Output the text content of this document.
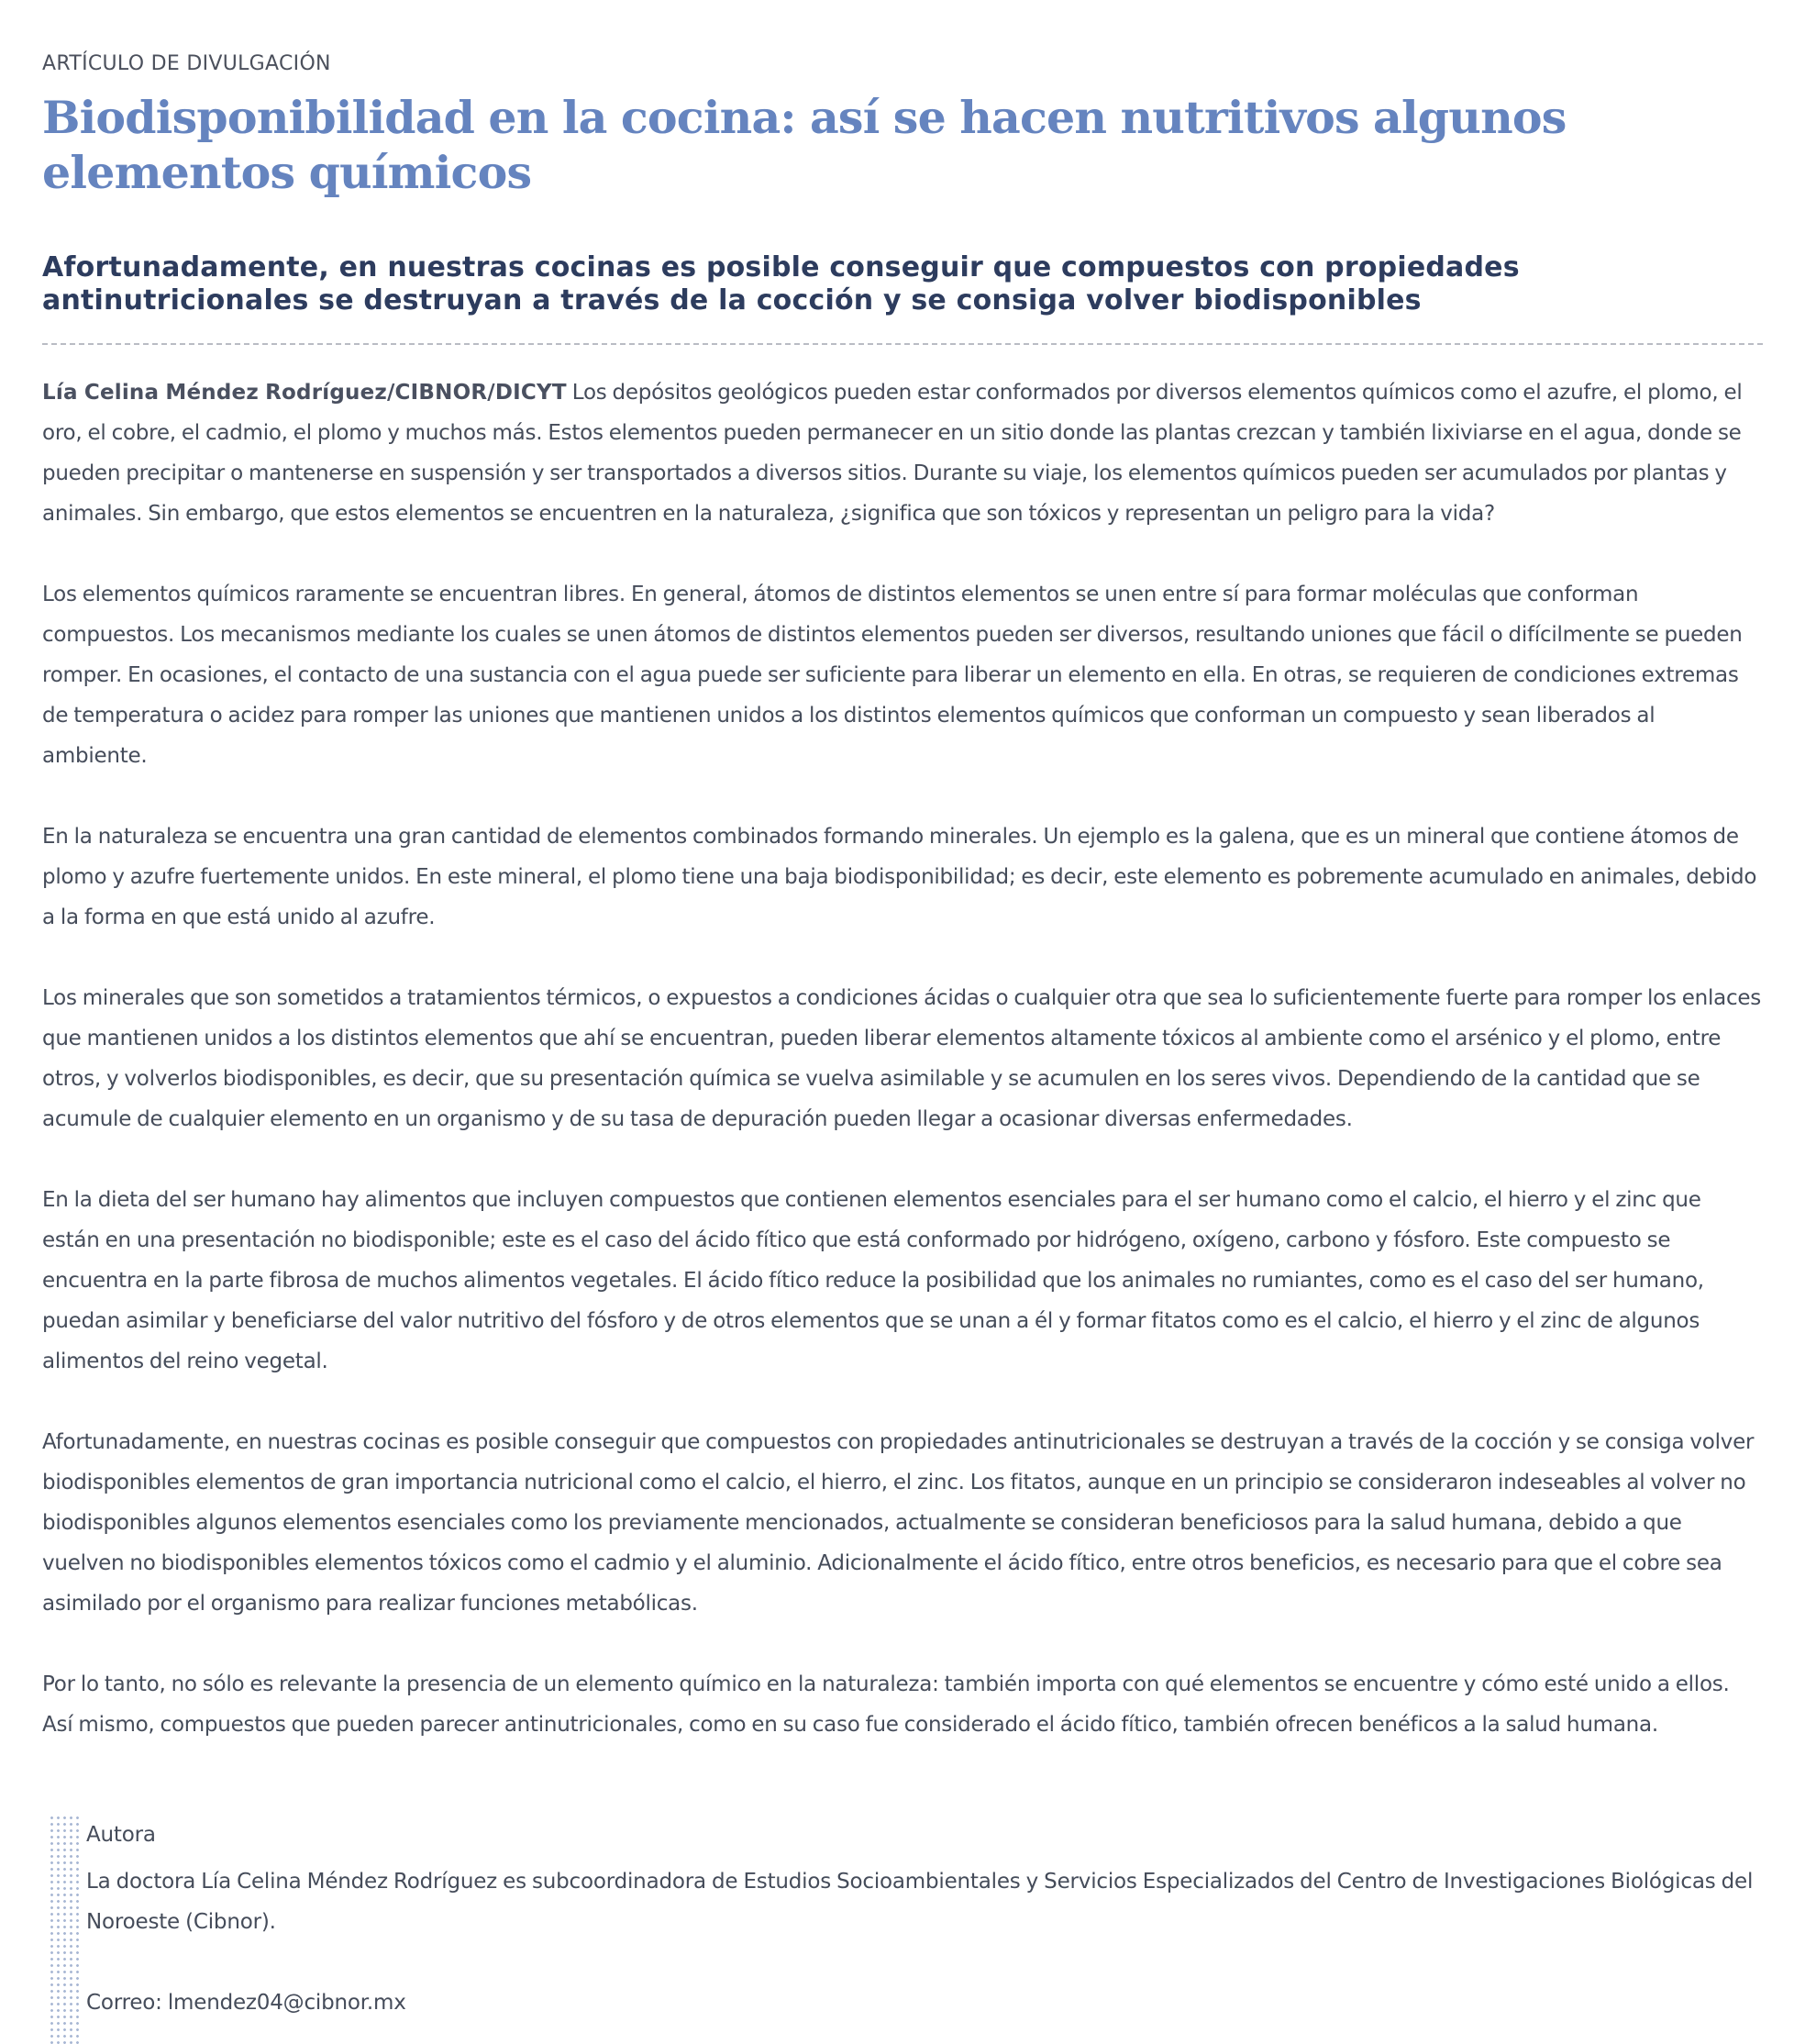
ARTÍCULO DE DIVULGACIÓN
Biodisponibilidad en la cocina: así se hacen nutritivos algunos elementos químicos
Afortunadamente, en nuestras cocinas es posible conseguir que compuestos con propiedades antinutricionales se destruyan a través de la cocción y se consiga volver biodisponibles

Lía Celina Méndez Rodríguez/CIBNOR/DICYT Los depósitos geológicos pueden estar conformados por diversos elementos químicos como el azufre, el plomo, el oro, el cobre, el cadmio, el plomo y muchos más. Estos elementos pueden permanecer en un sitio donde las plantas crezcan y también lixiviarse en el agua, donde se pueden precipitar o mantenerse en suspensión y ser transportados a diversos sitios. Durante su viaje, los elementos químicos pueden ser acumulados por plantas y animales. Sin embargo, que estos elementos se encuentren en la naturaleza, ¿significa que son tóxicos y representan un peligro para la vida?

Los elementos químicos raramente se encuentran libres. En general, átomos de distintos elementos se unen entre sí para formar moléculas que conforman compuestos. Los mecanismos mediante los cuales se unen átomos de distintos elementos pueden ser diversos, resultando uniones que fácil o difícilmente se pueden romper. En ocasiones, el contacto de una sustancia con el agua puede ser suficiente para liberar un elemento en ella. En otras, se requieren de condiciones extremas de temperatura o acidez para romper las uniones que mantienen unidos a los distintos elementos químicos que conforman un compuesto y sean liberados al ambiente.

En la naturaleza se encuentra una gran cantidad de elementos combinados formando minerales. Un ejemplo es la galena, que es un mineral que contiene átomos de plomo y azufre fuertemente unidos. En este mineral, el plomo tiene una baja biodisponibilidad; es decir, este elemento es pobremente acumulado en animales, debido a la forma en que está unido al azufre.

Los minerales que son sometidos a tratamientos térmicos, o expuestos a condiciones ácidas o cualquier otra que sea lo suficientemente fuerte para romper los enlaces que mantienen unidos a los distintos elementos que ahí se encuentran, pueden liberar elementos altamente tóxicos al ambiente como el arsénico y el plomo, entre otros, y volverlos biodisponibles, es decir, que su presentación química se vuelva asimilable y se acumulen en los seres vivos. Dependiendo de la cantidad que se acumule de cualquier elemento en un organismo y de su tasa de depuración pueden llegar a ocasionar diversas enfermedades.

En la dieta del ser humano hay alimentos que incluyen compuestos que contienen elementos esenciales para el ser humano como el calcio, el hierro y el zinc que están en una presentación no biodisponible; este es el caso del ácido fítico que está conformado por hidrógeno, oxígeno, carbono y fósforo. Este compuesto se encuentra en la parte fibrosa de muchos alimentos vegetales. El ácido fítico reduce la posibilidad que los animales no rumiantes, como es el caso del ser humano, puedan asimilar y beneficiarse del valor nutritivo del fósforo y de otros elementos que se unan a él y formar fitatos como es el calcio, el hierro y el zinc de algunos alimentos del reino vegetal.

Afortunadamente, en nuestras cocinas es posible conseguir que compuestos con propiedades antinutricionales se destruyan a través de la cocción y se consiga volver biodisponibles elementos de gran importancia nutricional como el calcio, el hierro, el zinc. Los fitatos, aunque en un principio se consideraron indeseables al volver no biodisponibles algunos elementos esenciales como los previamente mencionados, actualmente se consideran beneficiosos para la salud humana, debido a que vuelven no biodisponibles elementos tóxicos como el cadmio y el aluminio. Adicionalmente el ácido fítico, entre otros beneficios, es necesario para que el cobre sea asimilado por el organismo para realizar funciones metabólicas.

Por lo tanto, no sólo es relevante la presencia de un elemento químico en la naturaleza: también importa con qué elementos se encuentre y cómo esté unido a ellos. Así mismo, compuestos que pueden parecer antinutricionales, como en su caso fue considerado el ácido fítico, también ofrecen benéficos a la salud humana.

Autora

La doctora Lía Celina Méndez Rodríguez es subcoordinadora de Estudios Socioambientales y Servicios Especializados del Centro de Investigaciones Biológicas del Noroeste (Cibnor).

Correo: lmendez04@cibnor.mx
